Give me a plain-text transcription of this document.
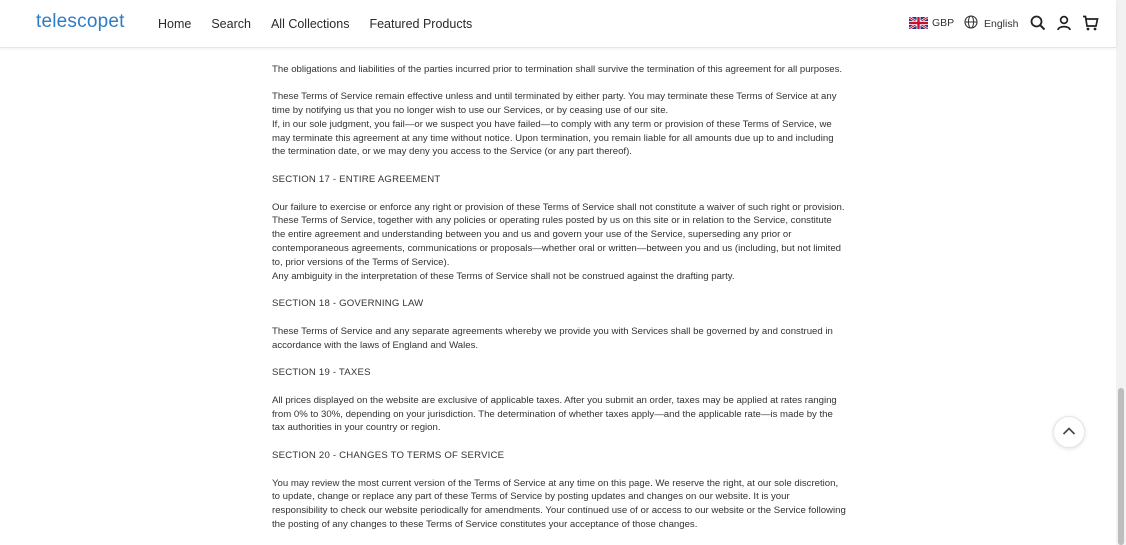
telescopet	Home Search All Collections Featured Products	GBP	English

The obligations and liabilities of the parties incurred prior to termination shall survive the termination of this agreement for all purposes.

These Terms of Service remain effective unless and until terminated by either party. You may terminate these Terms of Service at any time by notifying us that you no longer wish to use our Services, or by ceasing use of our site.

If, in our sole judgment, you fail—or we suspect you have failed—to comply with any term or provision of these Terms of Service, we may terminate this agreement at any time without notice. Upon termination, you remain liable for all amounts due up to and including the termination date, or we may deny you access to the Service (or any part thereof).

SECTION 17 - ENTIRE AGREEMENT

Our failure to exercise or enforce any right or provision of these Terms of Service shall not constitute a waiver of such right or provision.

These Terms of Service, together with any policies or operating rules posted by us on this site or in relation to the Service, constitute the entire agreement and understanding between you and us and govern your use of the Service, superseding any prior or contemporaneous agreements, communications or proposals—whether oral or written—between you and us (including, but not limited to, prior versions of the Terms of Service).

Any ambiguity in the interpretation of these Terms of Service shall not be construed against the drafting party.

SECTION 18 - GOVERNING LAW

These Terms of Service and any separate agreements whereby we provide you with Services shall be governed by and construed in accordance with the laws of England and Wales.

SECTION 19 - TAXES

All prices displayed on the website are exclusive of applicable taxes. After you submit an order, taxes may be applied at rates ranging from 0% to 30%, depending on your jurisdiction. The determination of whether taxes apply—and the applicable rate—is made by the tax authorities in your country or region.

SECTION 20 - CHANGES TO TERMS OF SERVICE

You may review the most current version of the Terms of Service at any time on this page. We reserve the right, at our sole discretion, to update, change or replace any part of these Terms of Service by posting updates and changes on our website. It is your responsibility to check our website periodically for amendments. Your continued use of or access to our website or the Service following the posting of any changes to these Terms of Service constitutes your acceptance of those changes.
